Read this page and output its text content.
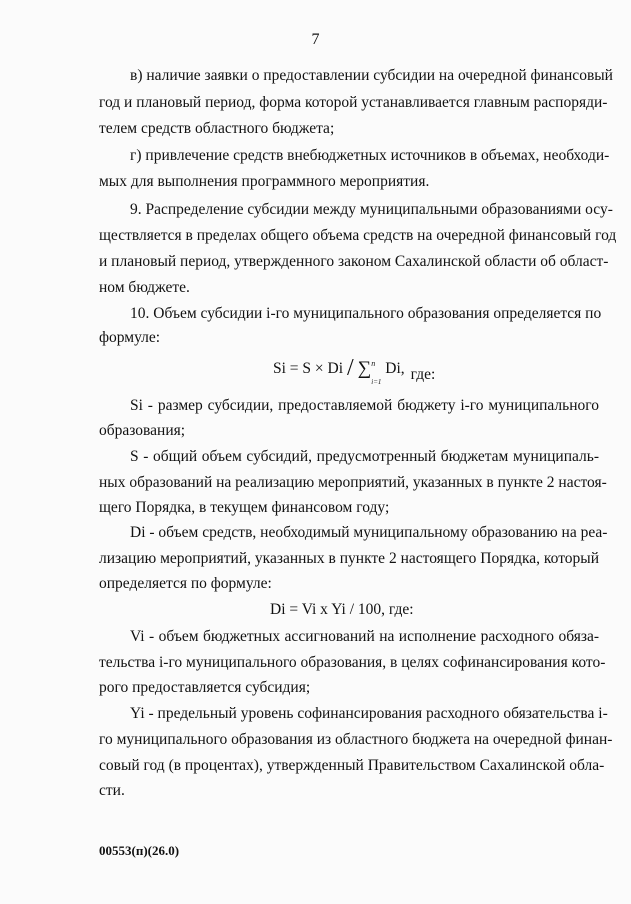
7
в) наличие заявки о предоставлении субсидии на очередной финансовый
год и плановый период, форма которой устанавливается главным распоряди-
телем средств областного бюджета;
г) привлечение средств внебюджетных источников в объемах, необходи-
мых для выполнения программного мероприятия.
9. Распределение субсидии между муниципальными образованиями осу-
ществляется в пределах общего объема средств на очередной финансовый год
и плановый период, утвержденного законом Сахалинской области об област-
ном бюджете.
10. Объем субсидии i-го муниципального образования определяется по
формуле:
Si = S × Di / ∑ n
i=1
Di, где:
Si - размер субсидии, предоставляемой бюджету i-го муниципального
образования;
S - общий объем субсидий, предусмотренный бюджетам муниципаль-
ных образований на реализацию мероприятий, указанных в пункте 2 настоя-
щего Порядка, в текущем финансовом году;
Di - объем средств, необходимый муниципальному образованию на реа-
лизацию мероприятий, указанных в пункте 2 настоящего Порядка, который
определяется по формуле:
Di = Vi x Yi / 100, где:
Vi - объем бюджетных ассигнований на исполнение расходного обяза-
тельства i-го муниципального образования, в целях софинансирования кото-
рого предоставляется субсидия;
Yi - предельный уровень софинансирования расходного обязательства i-
го муниципального образования из областного бюджета на очередной финан-
совый год (в процентах), утвержденный Правительством Сахалинской обла-
сти.
00553(п)(26.0)
